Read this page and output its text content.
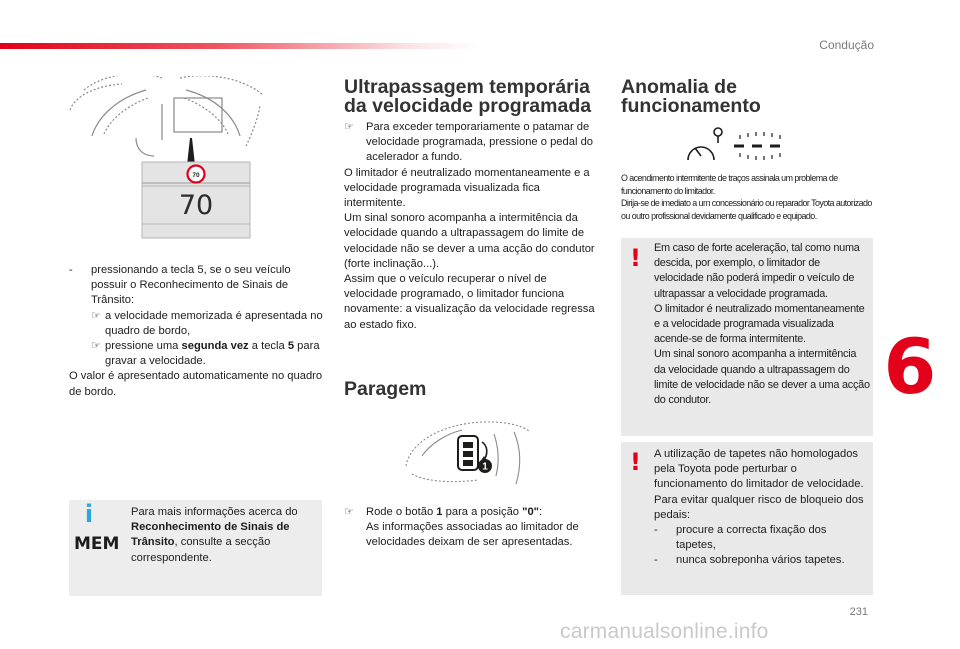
Condução
6
70
70
-	pressionando a tecla 5, se o seu veículo possuir o Reconhecimento de Sinais de Trânsito:
☞ a velocidade memorizada é apresentada no quadro de bordo,
☞ pressione uma segunda vez a tecla 5 para gravar a velocidade.

O valor é apresentado automaticamente no quadro de bordo.

i
MEM
Para mais informações acerca do Reconhecimento de Sinais de Trânsito, consulte a secção correspondente.
Ultrapassagem temporária da velocidade programada
☞	Para exceder temporariamente o patamar de velocidade programada, pressione o pedal do acelerador a fundo.

O limitador é neutralizado momentaneamente e a velocidade programada visualizada fica intermitente.

Um sinal sonoro acompanha a intermitência da velocidade quando a ultrapassagem do limite de velocidade não se dever a uma acção do condutor (forte inclinação...).

Assim que o veículo recuperar o nível de velocidade programado, o limitador funciona novamente: a visualização da velocidade regressa ao estado fixo.

Paragem
1
☞	Rode o botão 1 para a posição "0":
As informações associadas ao limitador de velocidades deixam de ser apresentadas.
Anomalia de funcionamento
O acendimento intermitente de traços assinala um problema de funcionamento do limitador.
Dirija-se de imediato a um concessionário ou reparador Toyota autorizado ou outro profissional devidamente qualificado e equipado.
! Em caso de forte aceleração, tal como numa descida, por exemplo, o limitador de velocidade não poderá impedir o veículo de ultrapassar a velocidade programada.
O limitador é neutralizado momentaneamente e a velocidade programada visualizada acende-se de forma intermitente.
Um sinal sonoro acompanha a intermitência da velocidade quando a ultrapassagem do limite de velocidade não se dever a uma acção do condutor.
! A utilização de tapetes não homologados pela Toyota pode perturbar o funcionamento do limitador de velocidade.
Para evitar qualquer risco de bloqueio dos pedais:
-	procure a correcta fixação dos tapetes,
-	nunca sobreponha vários tapetes.
231
carmanualsonline.info
